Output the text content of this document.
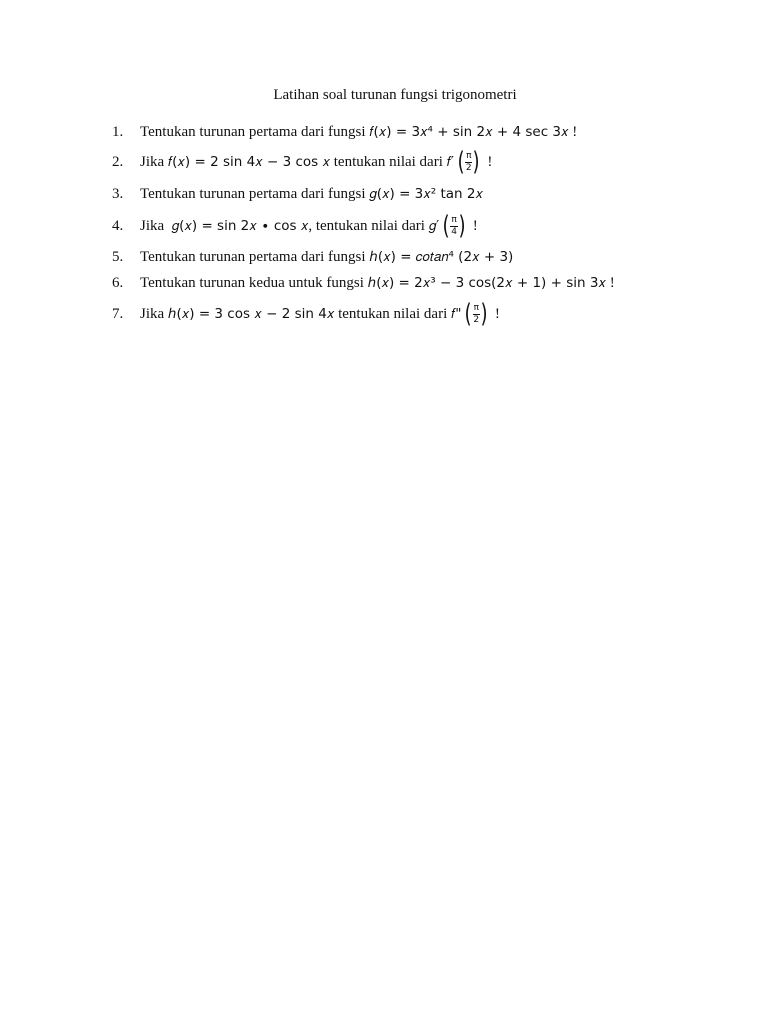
Latihan soal turunan fungsi trigonometri
1.	Tentukan turunan pertama dari fungsi 𝑓(𝑥) = 3𝑥⁴ + sin 2𝑥 + 4 sec 3𝑥 !
2.	Jika 𝑓(𝑥) = 2 sin 4𝑥 − 3 cos 𝑥 tentukan nilai dari 𝑓′ ( $\frac{\pi}{2}$ ) !
3.	Tentukan turunan pertama dari fungsi 𝑔(𝑥) = 3𝑥² tan 2𝑥
4.	Jika 𝑔(𝑥) = sin 2𝑥 ∙ cos 𝑥 , tentukan nilai dari 𝑔′ ( $\frac{\pi}{4}$ ) !
5.	Tentukan turunan pertama dari fungsi ℎ(𝑥) = 𝑐𝑜𝑡𝑎𝑛⁴ (2𝑥 + 3)
6.	Tentukan turunan kedua untuk fungsi ℎ(𝑥) = 2𝑥³ − 3 cos(2𝑥 + 1) + sin 3𝑥 !
7.	Jika ℎ(𝑥) = 3 cos 𝑥 − 2 sin 4𝑥 tentukan nilai dari 𝑓" ( $\frac{\pi}{2}$ ) !
